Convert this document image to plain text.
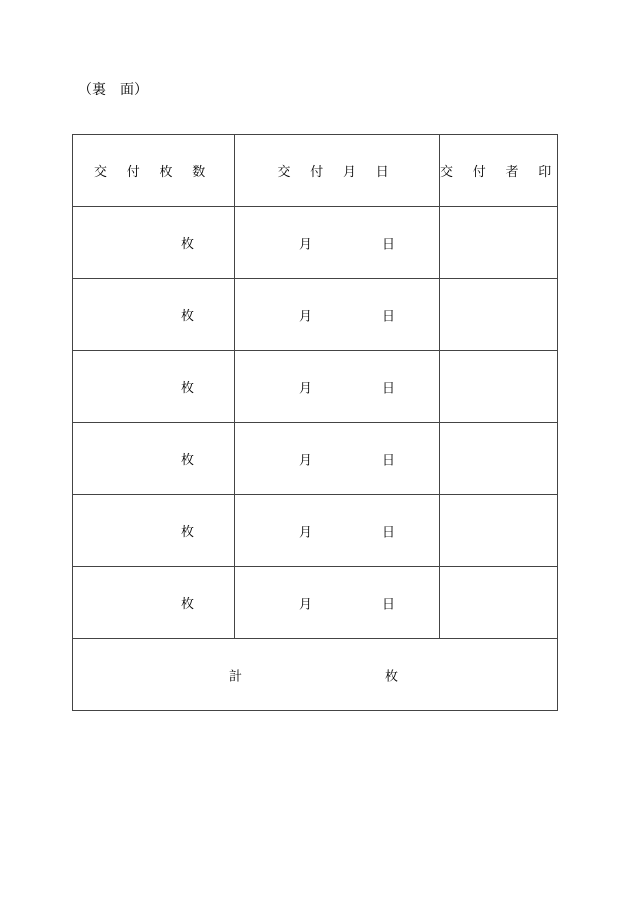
（裏　面）
交 付 枚 数	交 付 月 日	交 付 者 印
枚	月 日	

枚	月 日	

枚	月 日	

枚	月 日	

枚	月 日	

枚	月 日	

計 枚		
